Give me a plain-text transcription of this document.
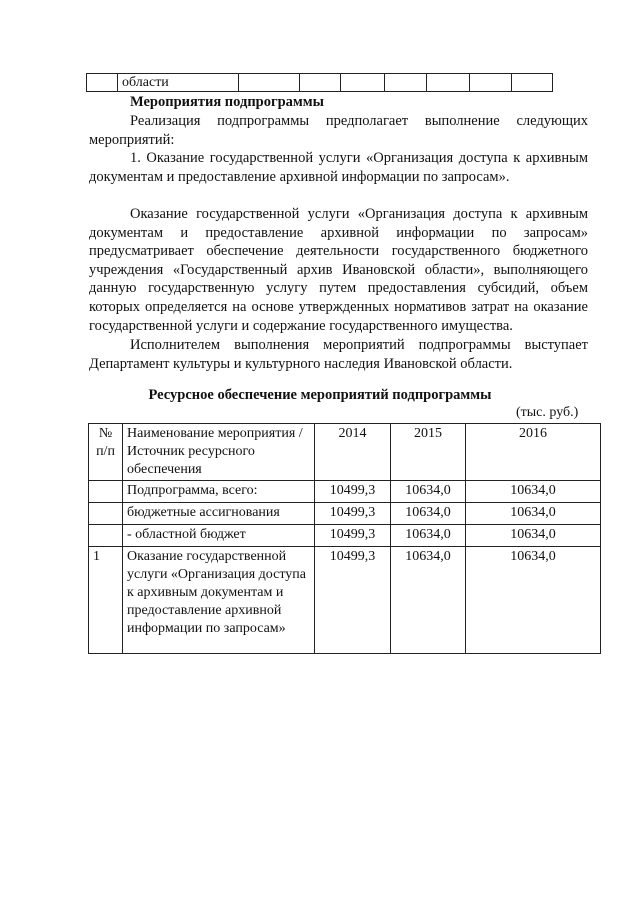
	области							

Мероприятия подпрограммы

Реализация подпрограммы предполагает выполнение следующих мероприятий:

1. Оказание государственной услуги «Организация доступа к архивным документам и предоставление архивной информации по запросам».

Оказание государственной услуги «Организация доступа к архивным документам и предоставление архивной информации по запросам» предусматривает обеспечение деятельности государственного бюджетного учреждения «Государственный архив Ивановской области», выполняющего данную государственную услугу путем предоставления субсидий, объем которых определяется на основе утвержденных нормативов затрат на оказание государственной услуги и содержание государственного имущества.

Исполнителем выполнения мероприятий подпрограммы выступает Департамент культуры и культурного наследия Ивановской области.

Ресурсное обеспечение мероприятий подпрограммы

(тыс. руб.)

№ п/п	Наименование мероприятия / Источник ресурсного обеспечения	2014	2015	2016
	Подпрограмма, всего:	10499,3	10634,0	10634,0
	бюджетные ассигнования	10499,3	10634,0	10634,0
	- областной бюджет	10499,3	10634,0	10634,0
1	Оказание государственной услуги «Организация доступа к архивным документам и предоставление архивной информации по запросам»	10499,3	10634,0	10634,0
